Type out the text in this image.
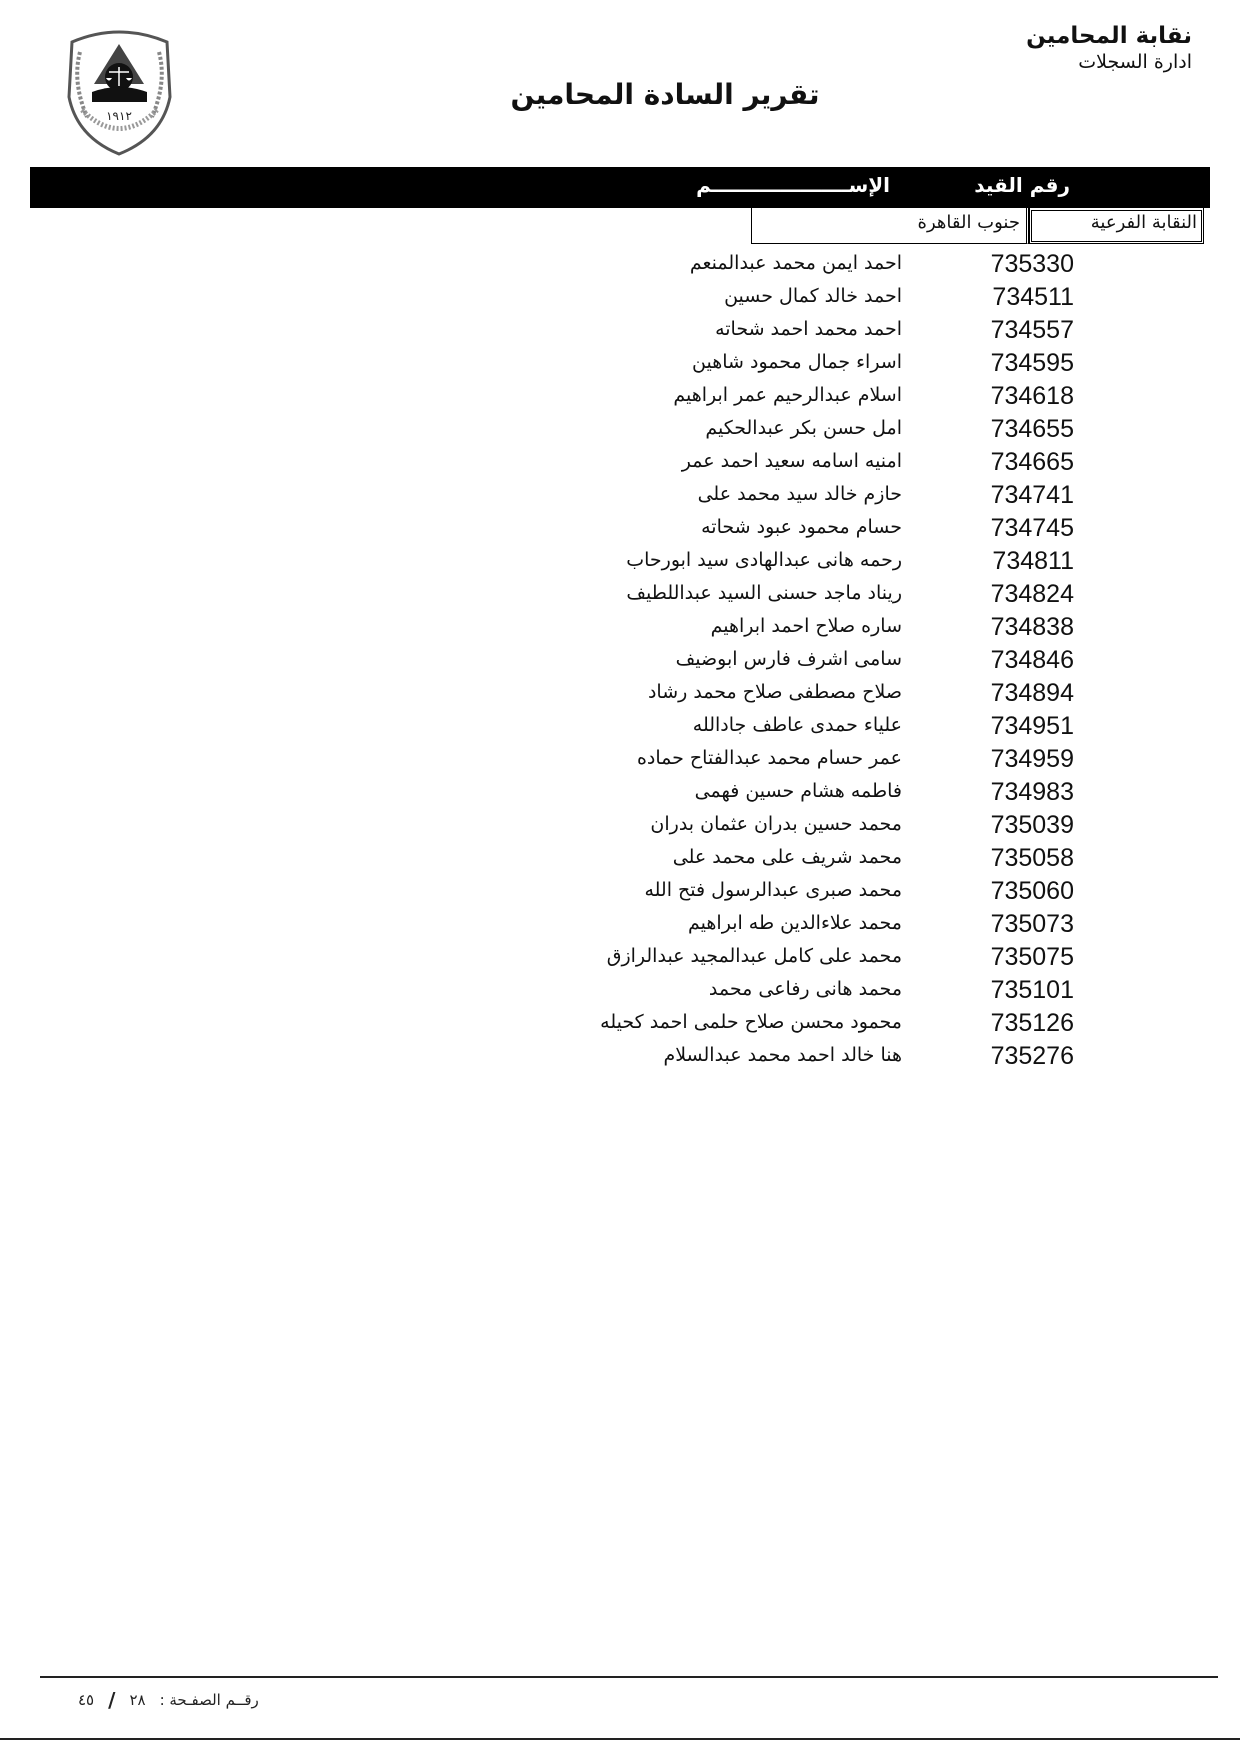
نقابة المحامين
ادارة السجلات
١٩١٢
تقرير السادة المحامين
رقم القيد
الإســــــــــــــــــــم
النقابة الفرعية
جنوب القاهرة
735330
احمد ايمن محمد عبدالمنعم
734511
احمد خالد كمال حسين
734557
احمد محمد احمد شحاته
734595
اسراء جمال محمود شاهين
734618
اسلام عبدالرحيم عمر ابراهيم
734655
امل حسن بكر عبدالحكيم
734665
امنيه اسامه سعيد احمد عمر
734741
حازم خالد سيد محمد على
734745
حسام محمود عبود شحاته
734811
رحمه هانى عبدالهادى سيد ابورحاب
734824
ريناد ماجد حسنى السيد عبداللطيف
734838
ساره صلاح احمد ابراهيم
734846
سامى اشرف فارس ابوضيف
734894
صلاح مصطفى صلاح محمد رشاد
734951
علياء حمدى عاطف جادالله
734959
عمر حسام محمد عبدالفتاح حماده
734983
فاطمه هشام حسين فهمى
735039
محمد حسين بدران عثمان بدران
735058
محمد شريف على محمد على
735060
محمد صبرى عبدالرسول فتح الله
735073
محمد علاءالدين طه ابراهيم
735075
محمد على كامل عبدالمجيد عبدالرازق
735101
محمد هانى رفاعى محمد
735126
محمود محسن صلاح حلمى احمد كحيله
735276
هنا خالد احمد محمد عبدالسلام
رقــم الصفـحة :
٢٨
/
٤٥
